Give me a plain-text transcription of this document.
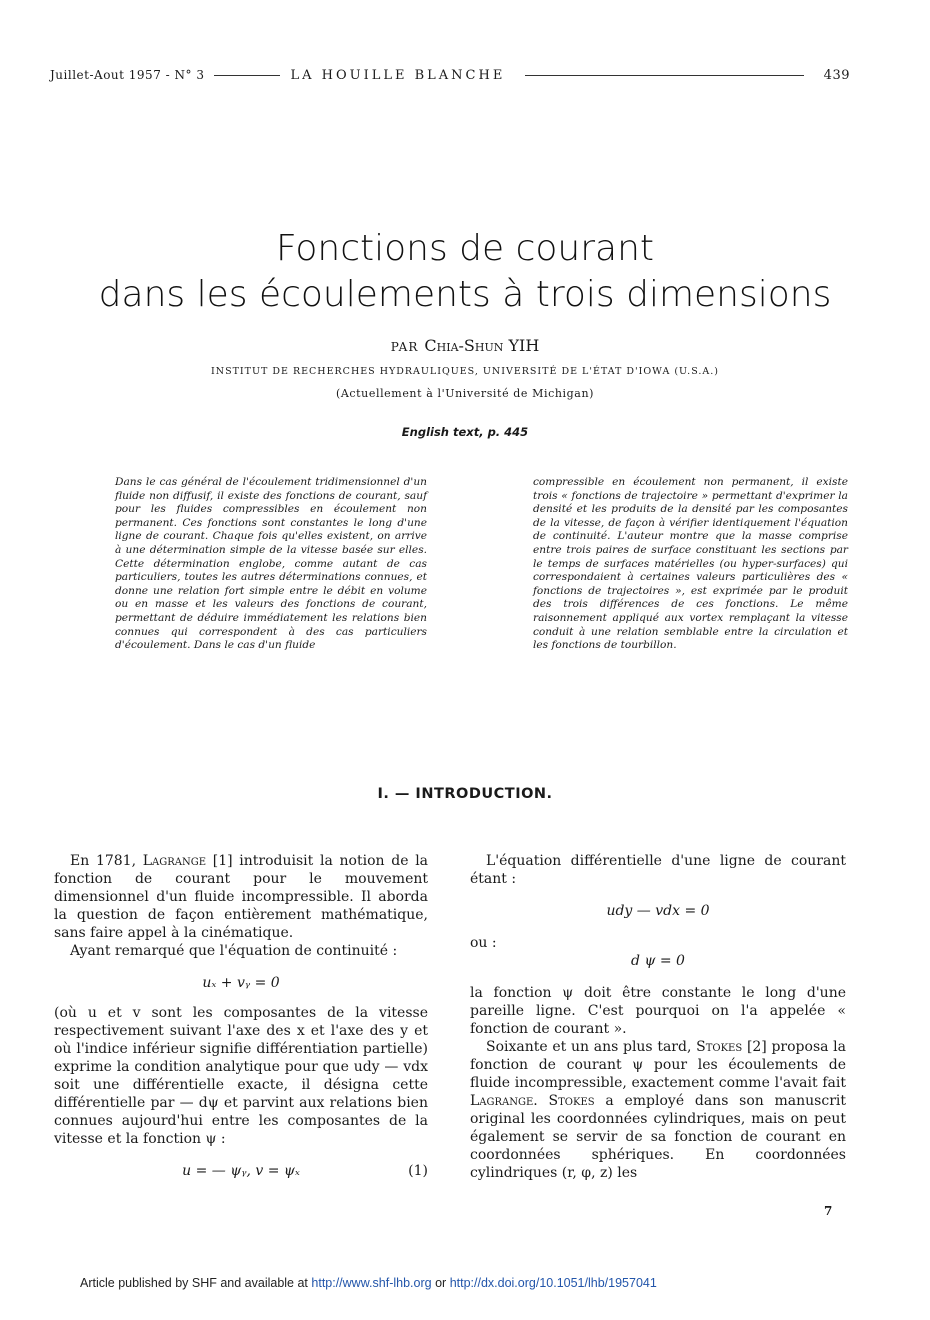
Juillet-Aout 1957 - N° 3	LA HOUILLE BLANCHE	439
Fonctions de courant
dans les écoulements à trois dimensions
PAR Chia-Shun YIH
INSTITUT DE RECHERCHES HYDRAULIQUES, UNIVERSITÉ DE L'ÉTAT D'IOWA (U.S.A.)
(Actuellement à l'Université de Michigan)
English text, p. 445
Dans le cas général de l'écoulement tridimensionnel d'un fluide non diffusif, il existe des fonctions de courant, sauf pour les fluides compressibles en écoulement non permanent. Ces fonctions sont constantes le long d'une ligne de courant. Chaque fois qu'elles existent, on arrive à une détermination simple de la vitesse basée sur elles. Cette détermination englobe, comme autant de cas particuliers, toutes les autres déterminations connues, et donne une relation fort simple entre le débit en volume ou en masse et les valeurs des fonctions de courant, permettant de déduire immédiatement les relations bien connues qui correspondent à des cas particuliers d'écoulement. Dans le cas d'un fluide
compressible en écoulement non permanent, il existe trois « fonctions de trajectoire » permettant d'exprimer la densité et les produits de la densité par les composantes de la vitesse, de façon à vérifier identiquement l'équation de continuité. L'auteur montre que la masse comprise entre trois paires de surface constituant les sections par le temps de surfaces matérielles (ou hyper-surfaces) qui correspondaient à certaines valeurs particulières des « fonctions de trajectoires », est exprimée par le produit des trois différences de ces fonctions. Le même raisonnement appliqué aux vortex remplaçant la vitesse conduit à une relation semblable entre la circulation et les fonctions de tourbillon.
I. — INTRODUCTION.

En 1781, Lagrange [1] introduisit la notion de la fonction de courant pour le mouvement dimensionnel d'un fluide incompressible. Il aborda la question de façon entièrement mathématique, sans faire appel à la cinématique.

Ayant remarqué que l'équation de continuité :

uₓ + vᵧ = 0

(où u et v sont les composantes de la vitesse respectivement suivant l'axe des x et l'axe des y et où l'indice inférieur signifie différentiation partielle) exprime la condition analytique pour que udy — vdx soit une différentielle exacte, il désigna cette différentielle par — dψ et parvint aux relations bien connues aujourd'hui entre les composantes de la vitesse et la fonction ψ :

u = — ψᵧ, v = ψₓ	(1)

L'équation différentielle d'une ligne de courant étant :

udy — vdx = 0

ou :

d ψ = 0

la fonction ψ doit être constante le long d'une pareille ligne. C'est pourquoi on l'a appelée « fonction de courant ».

Soixante et un ans plus tard, Stokes [2] proposa la fonction de courant ψ pour les écoulements de fluide incompressible, exactement comme l'avait fait Lagrange. Stokes a employé dans son manuscrit original les coordonnées cylindriques, mais on peut également se servir de sa fonction de courant en coordonnées sphériques. En coordonnées cylindriques (r, φ, z) les

7
Article published by SHF and available at http://www.shf-lhb.org or http://dx.doi.org/10.1051/lhb/1957041
